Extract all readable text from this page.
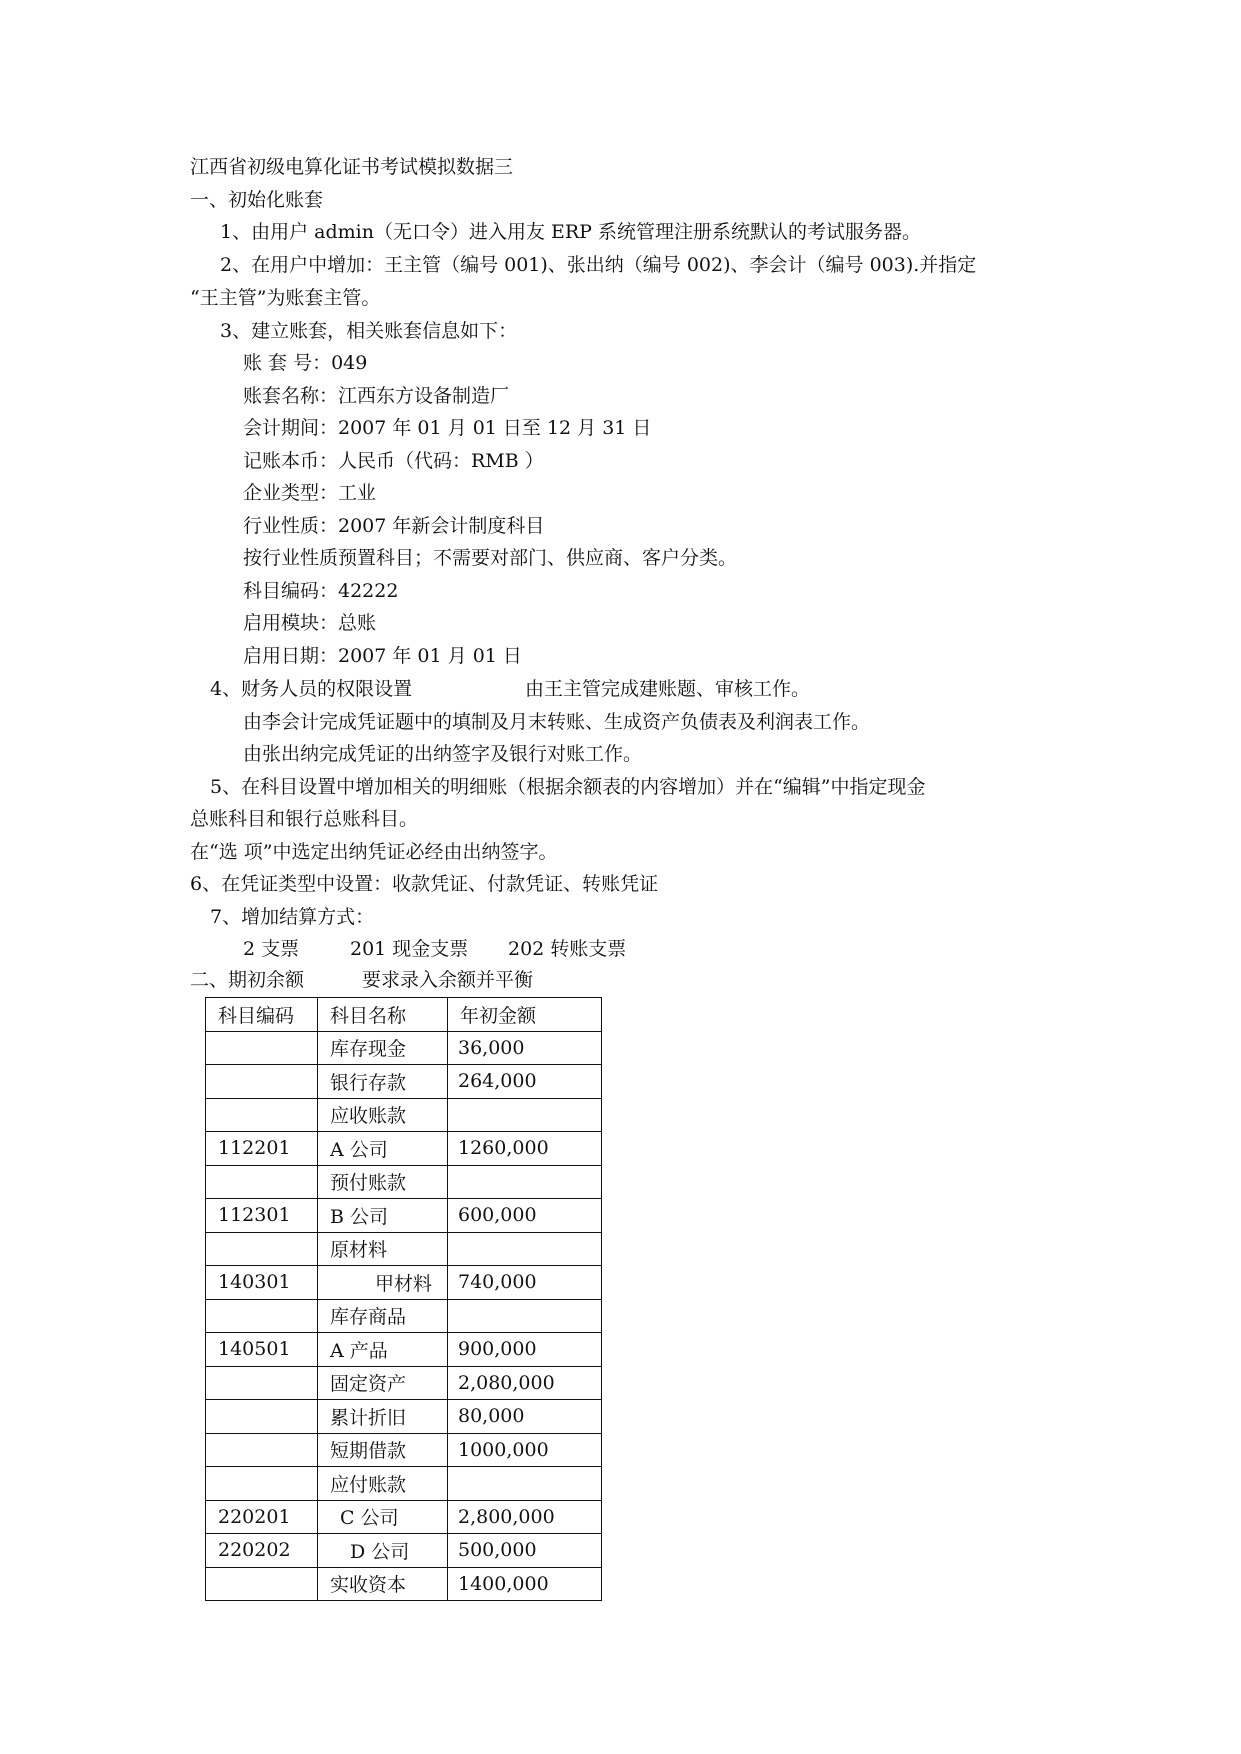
江西省初级电算化证书考试模拟数据三
一、初始化账套
1、由用户 admin（无口令）进入用友 ERP 系统管理注册系统默认的考试服务器。
2、在用户中增加：王主管（编号 001)、张出纳（编号 002)、李会计（编号 003).并指定
“王主管”为账套主管。
3、建立账套，相关账套信息如下：
账 套 号：049
账套名称：江西东方设备制造厂
会计期间：2007 年 01 月 01 日至 12 月 31 日
记账本币：人民币（代码：RMB ）
企业类型：工业
行业性质：2007 年新会计制度科目
按行业性质预置科目；不需要对部门、供应商、客户分类。
科目编码：42222
启用模块：总账
启用日期：2007 年 01 月 01 日
4、财务人员的权限设置	由王主管完成建账题、审核工作。
由李会计完成凭证题中的填制及月末转账、生成资产负债表及利润表工作。
由张出纳完成凭证的出纳签字及银行对账工作。
5、在科目设置中增加相关的明细账（根据余额表的内容增加）并在“编辑”中指定现金
总账科目和银行总账科目。
在“选 项”中选定出纳凭证必经由出纳签字。
6、在凭证类型中设置：收款凭证、付款凭证、转账凭证
7、增加结算方式：
2 支票	201 现金支票 202 转账支票
二、期初余额	要求录入余额并平衡
科目编码	科目名称	年初金额
	库存现金	36,000
	银行存款	264,000
	应收账款	
112201	A 公司	1260,000
	预付账款	
112301	B 公司	600,000
	原材料	
140301	甲材料	740,000
	库存商品	
140501	A 产品	900,000
	固定资产	2,080,000
	累计折旧	80,000
	短期借款	1000,000
	应付账款	
220201	C 公司	2,800,000
220202	D 公司	500,000
	实收资本	1400,000
